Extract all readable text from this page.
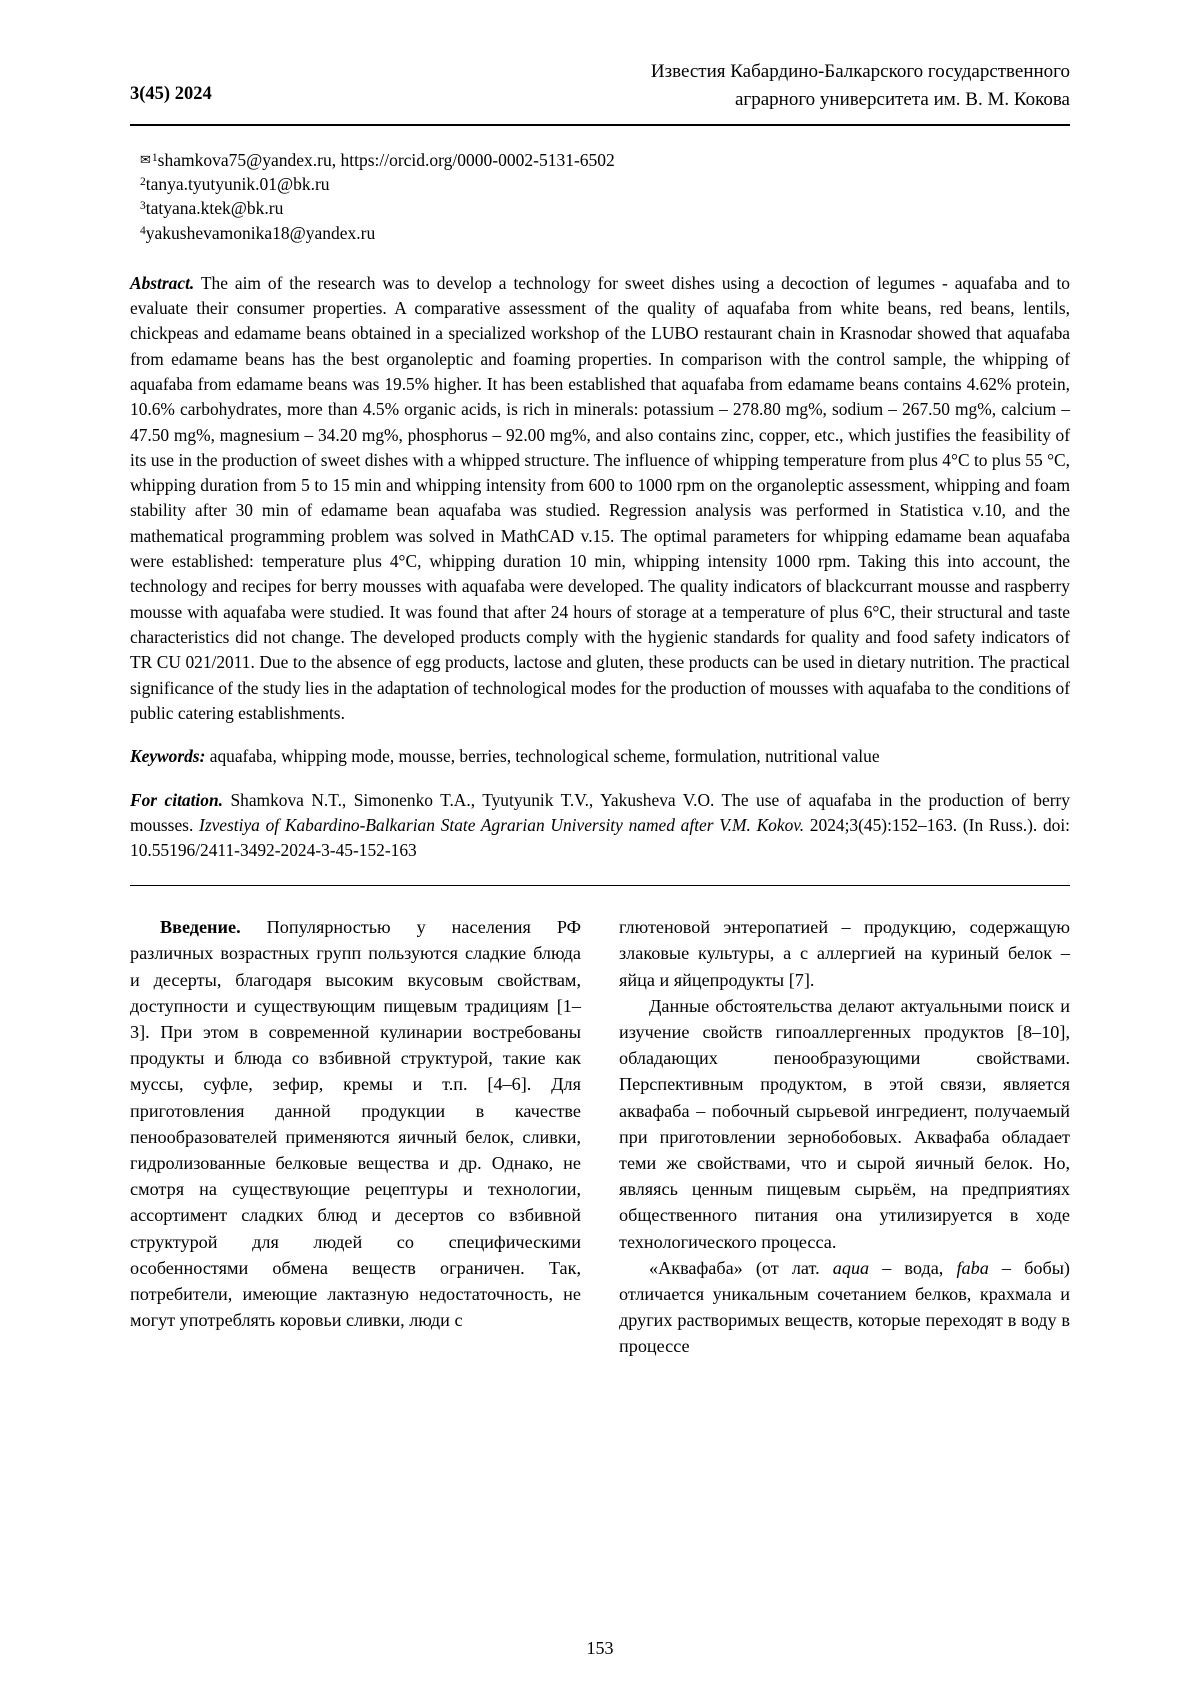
3(45) 2024
Известия Кабардино-Балкарского государственного
аграрного университета им. В. М. Кокова
✉$^1$shamkova75@yandex.ru, https://orcid.org/0000-0002-5131-6502
$^2$tanya.tyutyunik.01@bk.ru
$^3$tatyana.ktek@bk.ru
$^4$yakushevamonika18@yandex.ru
Abstract. The aim of the research was to develop a technology for sweet dishes using a decoction of legumes - aquafaba and to evaluate their consumer properties. A comparative assessment of the quality of aquafaba from white beans, red beans, lentils, chickpeas and edamame beans obtained in a specialized workshop of the LUBO restaurant chain in Krasnodar showed that aquafaba from edamame beans has the best organoleptic and foaming properties. In comparison with the control sample, the whipping of aquafaba from edamame beans was 19.5% higher. It has been established that aquafaba from edamame beans contains 4.62% protein, 10.6% carbohydrates, more than 4.5% organic acids, is rich in minerals: potassium – 278.80 mg%, sodium – 267.50 mg%, calcium – 47.50 mg%, magnesium – 34.20 mg%, phosphorus – 92.00 mg%, and also contains zinc, copper, etc., which justifies the feasibility of its use in the production of sweet dishes with a whipped structure. The influence of whipping temperature from plus 4°C to plus 55 °C, whipping duration from 5 to 15 min and whipping intensity from 600 to 1000 rpm on the organoleptic assessment, whipping and foam stability after 30 min of edamame bean aquafaba was studied. Regression analysis was performed in Statistica v.10, and the mathematical programming problem was solved in MathCAD v.15. The optimal parameters for whipping edamame bean aquafaba were established: temperature plus 4°C, whipping duration 10 min, whipping intensity 1000 rpm. Taking this into account, the technology and recipes for berry mousses with aquafaba were developed. The quality indicators of blackcurrant mousse and raspberry mousse with aquafaba were studied. It was found that after 24 hours of storage at a temperature of plus 6°C, their structural and taste characteristics did not change. The developed products comply with the hygienic standards for quality and food safety indicators of TR CU 021/2011. Due to the absence of egg products, lactose and gluten, these products can be used in dietary nutrition. The practical significance of the study lies in the adaptation of technological modes for the production of mousses with aquafaba to the conditions of public catering establishments.
Keywords: aquafaba, whipping mode, mousse, berries, technological scheme, formulation, nutritional value
For citation. Shamkova N.T., Simonenko T.A., Tyutyunik T.V., Yakusheva V.O. The use of aquafaba in the production of berry mousses. Izvestiya of Kabardino-Balkarian State Agrarian University named after V.M. Kokov. 2024;3(45):152–163. (In Russ.). doi: 10.55196/2411-3492-2024-3-45-152-163

Введение. Популярностью у населения РФ различных возрастных групп пользуются сладкие блюда и десерты, благодаря высоким вкусовым свойствам, доступности и существующим пищевым традициям [1–3]. При этом в современной кулинарии востребованы продукты и блюда со взбивной структурой, такие как муссы, суфле, зефир, кремы и т.п. [4–6]. Для приготовления данной продукции в качестве пенообразователей применяются яичный белок, сливки, гидролизованные белковые вещества и др. Однако, не смотря на существующие рецептуры и технологии, ассортимент сладких блюд и десертов со взбивной структурой для людей со специфическими особенностями обмена веществ ограничен. Так, потребители, имеющие лактазную недостаточность, не могут употреблять коровьи сливки, люди с

глютеновой энтеропатией – продукцию, содержащую злаковые культуры, а с аллергией на куриный белок – яйца и яйцепродукты [7].

Данные обстоятельства делают актуальными поиск и изучение свойств гипоаллергенных продуктов [8–10], обладающих пенообразующими свойствами. Перспективным продуктом, в этой связи, является аквафаба – побочный сырьевой ингредиент, получаемый при приготовлении зернобобовых. Аквафаба обладает теми же свойствами, что и сырой яичный белок. Но, являясь ценным пищевым сырьём, на предприятиях общественного питания она утилизируется в ходе технологического процесса.

«Аквафаба» (от лат. aqua – вода, faba – бобы) отличается уникальным сочетанием белков, крахмала и других растворимых веществ, которые переходят в воду в процессе

153
